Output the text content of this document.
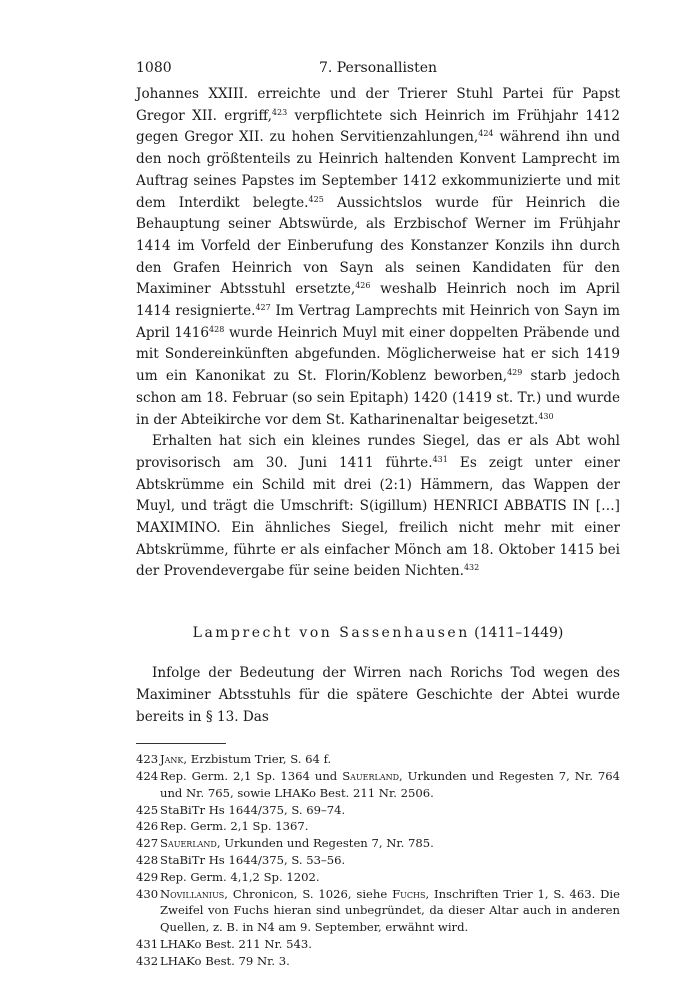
1080	7. Personallisten

Johannes XXIII. erreichte und der Trierer Stuhl Partei für Papst Gregor XII. ergriff,$^{423}$ verpflichtete sich Heinrich im Frühjahr 1412 gegen Gregor XII. zu hohen Servitienzahlungen,$^{424}$ während ihn und den noch größtenteils zu Heinrich haltenden Konvent Lamprecht im Auftrag seines Papstes im September 1412 exkommunizierte und mit dem Interdikt belegte.$^{425}$ Aussichtslos wurde für Heinrich die Behauptung seiner Abtswürde, als Erzbischof Werner im Frühjahr 1414 im Vorfeld der Einberufung des Konstanzer Konzils ihn durch den Grafen Heinrich von Sayn als seinen Kandidaten für den Maximiner Abtsstuhl ersetzte,$^{426}$ weshalb Heinrich noch im April 1414 resignierte.$^{427}$ Im Vertrag Lamprechts mit Heinrich von Sayn im April 1416$^{428}$ wurde Heinrich Muyl mit einer doppelten Präbende und mit Sondereinkünften abgefunden. Möglicherweise hat er sich 1419 um ein Kanonikat zu St. Florin/Koblenz beworben,$^{429}$ starb jedoch schon am 18. Februar (so sein Epitaph) 1420 (1419 st. Tr.) und wurde in der Abteikirche vor dem St. Katharinenaltar beigesetzt.$^{430}$

Erhalten hat sich ein kleines rundes Siegel, das er als Abt wohl provisorisch am 30. Juni 1411 führte.$^{431}$ Es zeigt unter einer Abtskrümme ein Schild mit drei (2:1) Hämmern, das Wappen der Muyl, und trägt die Umschrift: S(igillum) HENRICI ABBATIS IN […] MAXIMINO. Ein ähnliches Siegel, freilich nicht mehr mit einer Abtskrümme, führte er als einfacher Mönch am 18. Oktober 1415 bei der Provendevergabe für seine beiden Nichten.$^{432}$

Lamprecht von Sassenhausen (1411–1449)

Infolge der Bedeutung der Wirren nach Rorichs Tod wegen des Maximiner Abtsstuhls für die spätere Geschichte der Abtei wurde bereits in § 13. Das

423 Jank, Erzbistum Trier, S. 64 f.
424 Rep. Germ. 2,1 Sp. 1364 und Sauerland, Urkunden und Regesten 7, Nr. 764 und Nr. 765, sowie LHAKo Best. 211 Nr. 2506.
425 StaBiTr Hs 1644/375, S. 69–74.
426 Rep. Germ. 2,1 Sp. 1367.
427 Sauerland, Urkunden und Regesten 7, Nr. 785.
428 StaBiTr Hs 1644/375, S. 53–56.
429 Rep. Germ. 4,1,2 Sp. 1202.
430 Novillanius, Chronicon, S. 1026, siehe Fuchs, Inschriften Trier 1, S. 463. Die Zweifel von Fuchs hieran sind unbegründet, da dieser Altar auch in anderen Quellen, z. B. in N4 am 9. September, erwähnt wird.
431 LHAKo Best. 211 Nr. 543.
432 LHAKo Best. 79 Nr. 3.
